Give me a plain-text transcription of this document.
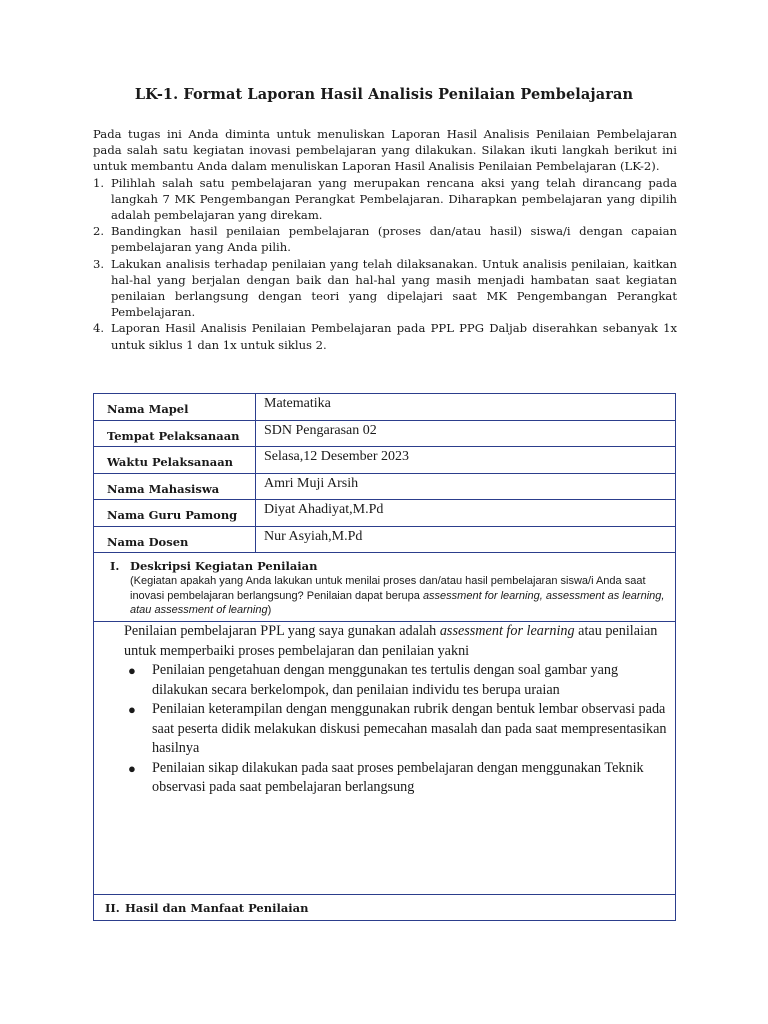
LK-1. Format Laporan Hasil Analisis Penilaian Pembelajaran

Pada tugas ini Anda diminta untuk menuliskan Laporan Hasil Analisis Penilaian Pembelajaran pada salah satu kegiatan inovasi pembelajaran yang dilakukan. Silakan ikuti langkah berikut ini untuk membantu Anda dalam menuliskan Laporan Hasil Analisis Penilaian Pembelajaran (LK-2).

1. Pilihlah salah satu pembelajaran yang merupakan rencana aksi yang telah dirancang pada langkah 7 MK Pengembangan Perangkat Pembelajaran. Diharapkan pembelajaran yang dipilih adalah pembelajaran yang direkam.
2. Bandingkan hasil penilaian pembelajaran (proses dan/atau hasil) siswa/i dengan capaian pembelajaran yang Anda pilih.
3. Lakukan analisis terhadap penilaian yang telah dilaksanakan. Untuk analisis penilaian, kaitkan hal-hal yang berjalan dengan baik dan hal-hal yang masih menjadi hambatan saat kegiatan penilaian berlangsung dengan teori yang dipelajari saat MK Pengembangan Perangkat Pembelajaran.
4. Laporan Hasil Analisis Penilaian Pembelajaran pada PPL PPG Daljab diserahkan sebanyak 1x untuk siklus 1 dan 1x untuk siklus 2.
Nama Mapel	Matematika
Tempat Pelaksanaan	SDN Pengarasan 02
Waktu Pelaksanaan	Selasa,12 Desember 2023
Nama Mahasiswa	Amri Muji Arsih
Nama Guru Pamong	Diyat Ahadiyat,M.Pd
Nama Dosen	Nur Asyiah,M.Pd
I. Deskripsi Kegiatan Penilaian
(Kegiatan apakah yang Anda lakukan untuk menilai proses dan/atau hasil pembelajaran siswa/i Anda saat inovasi pembelajaran berlangsung? Penilaian dapat berupa assessment for learning, assessment as learning, atau assessment of learning)

Penilaian pembelajaran PPL yang saya gunakan adalah assessment for learning atau penilaian untuk memperbaiki proses pembelajaran dan penilaian yakni

● Penilaian pengetahuan dengan menggunakan tes tertulis dengan soal gambar yang dilakukan secara berkelompok, dan penilaian individu tes berupa uraian
● Penilaian keterampilan dengan menggunakan rubrik dengan bentuk lembar observasi pada saat peserta didik melakukan diskusi pemecahan masalah dan pada saat mempresentasikan hasilnya
● Penilaian sikap dilakukan pada saat proses pembelajaran dengan menggunakan Teknik observasi pada saat pembelajaran berlangsung
II. Hasil dan Manfaat Penilaian
